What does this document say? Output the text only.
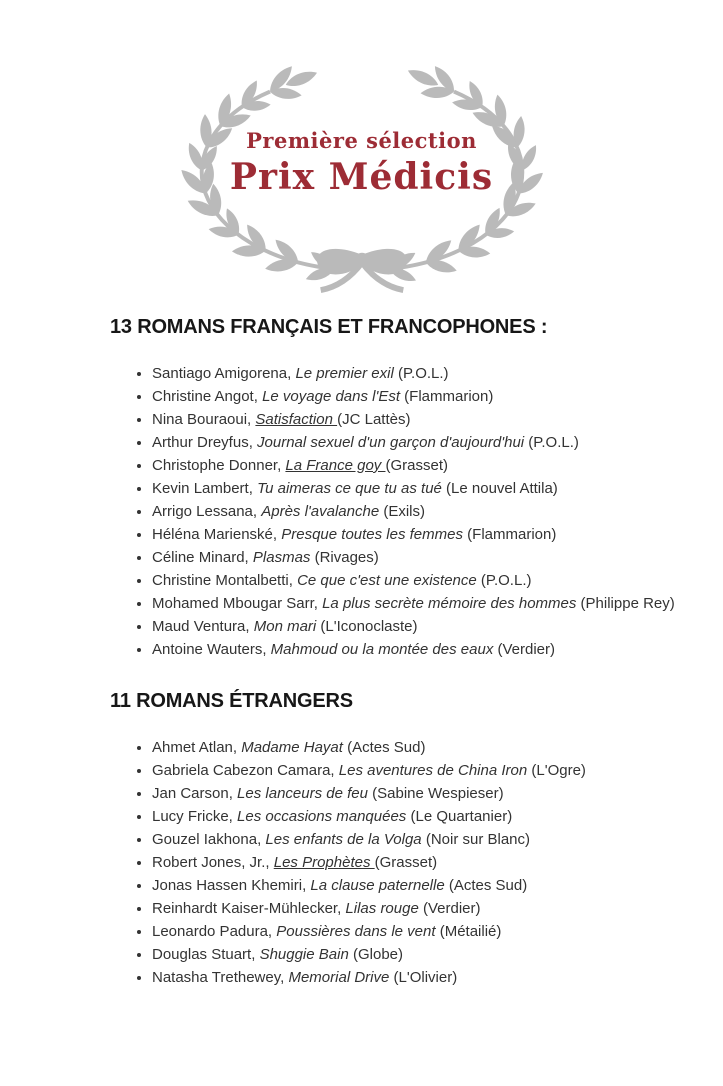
Première sélection
Prix Médicis
13 ROMANS FRANÇAIS ET FRANCOPHONES :
• Santiago Amigorena, Le premier exil (P.O.L.)
• Christine Angot, Le voyage dans l'Est (Flammarion)
• Nina Bouraoui, Satisfaction (JC Lattès)
• Arthur Dreyfus, Journal sexuel d'un garçon d'aujourd'hui (P.O.L.)
• Christophe Donner, La France goy (Grasset)
• Kevin Lambert, Tu aimeras ce que tu as tué (Le nouvel Attila)
• Arrigo Lessana, Après l'avalanche (Exils)
• Héléna Marienské, Presque toutes les femmes (Flammarion)
• Céline Minard, Plasmas (Rivages)
• Christine Montalbetti, Ce que c'est une existence (P.O.L.)
• Mohamed Mbougar Sarr, La plus secrète mémoire des hommes (Philippe Rey)
• Maud Ventura, Mon mari (L'Iconoclaste)
• Antoine Wauters, Mahmoud ou la montée des eaux (Verdier)
11 ROMANS ÉTRANGERS
• Ahmet Atlan, Madame Hayat (Actes Sud)
• Gabriela Cabezon Camara, Les aventures de China Iron (L'Ogre)
• Jan Carson, Les lanceurs de feu (Sabine Wespieser)
• Lucy Fricke, Les occasions manquées (Le Quartanier)
• Gouzel Iakhona, Les enfants de la Volga (Noir sur Blanc)
• Robert Jones, Jr., Les Prophètes (Grasset)
• Jonas Hassen Khemiri, La clause paternelle (Actes Sud)
• Reinhardt Kaiser-Mühlecker, Lilas rouge (Verdier)
• Leonardo Padura, Poussières dans le vent (Métailié)
• Douglas Stuart, Shuggie Bain (Globe)
• Natasha Trethewey, Memorial Drive (L'Olivier)
